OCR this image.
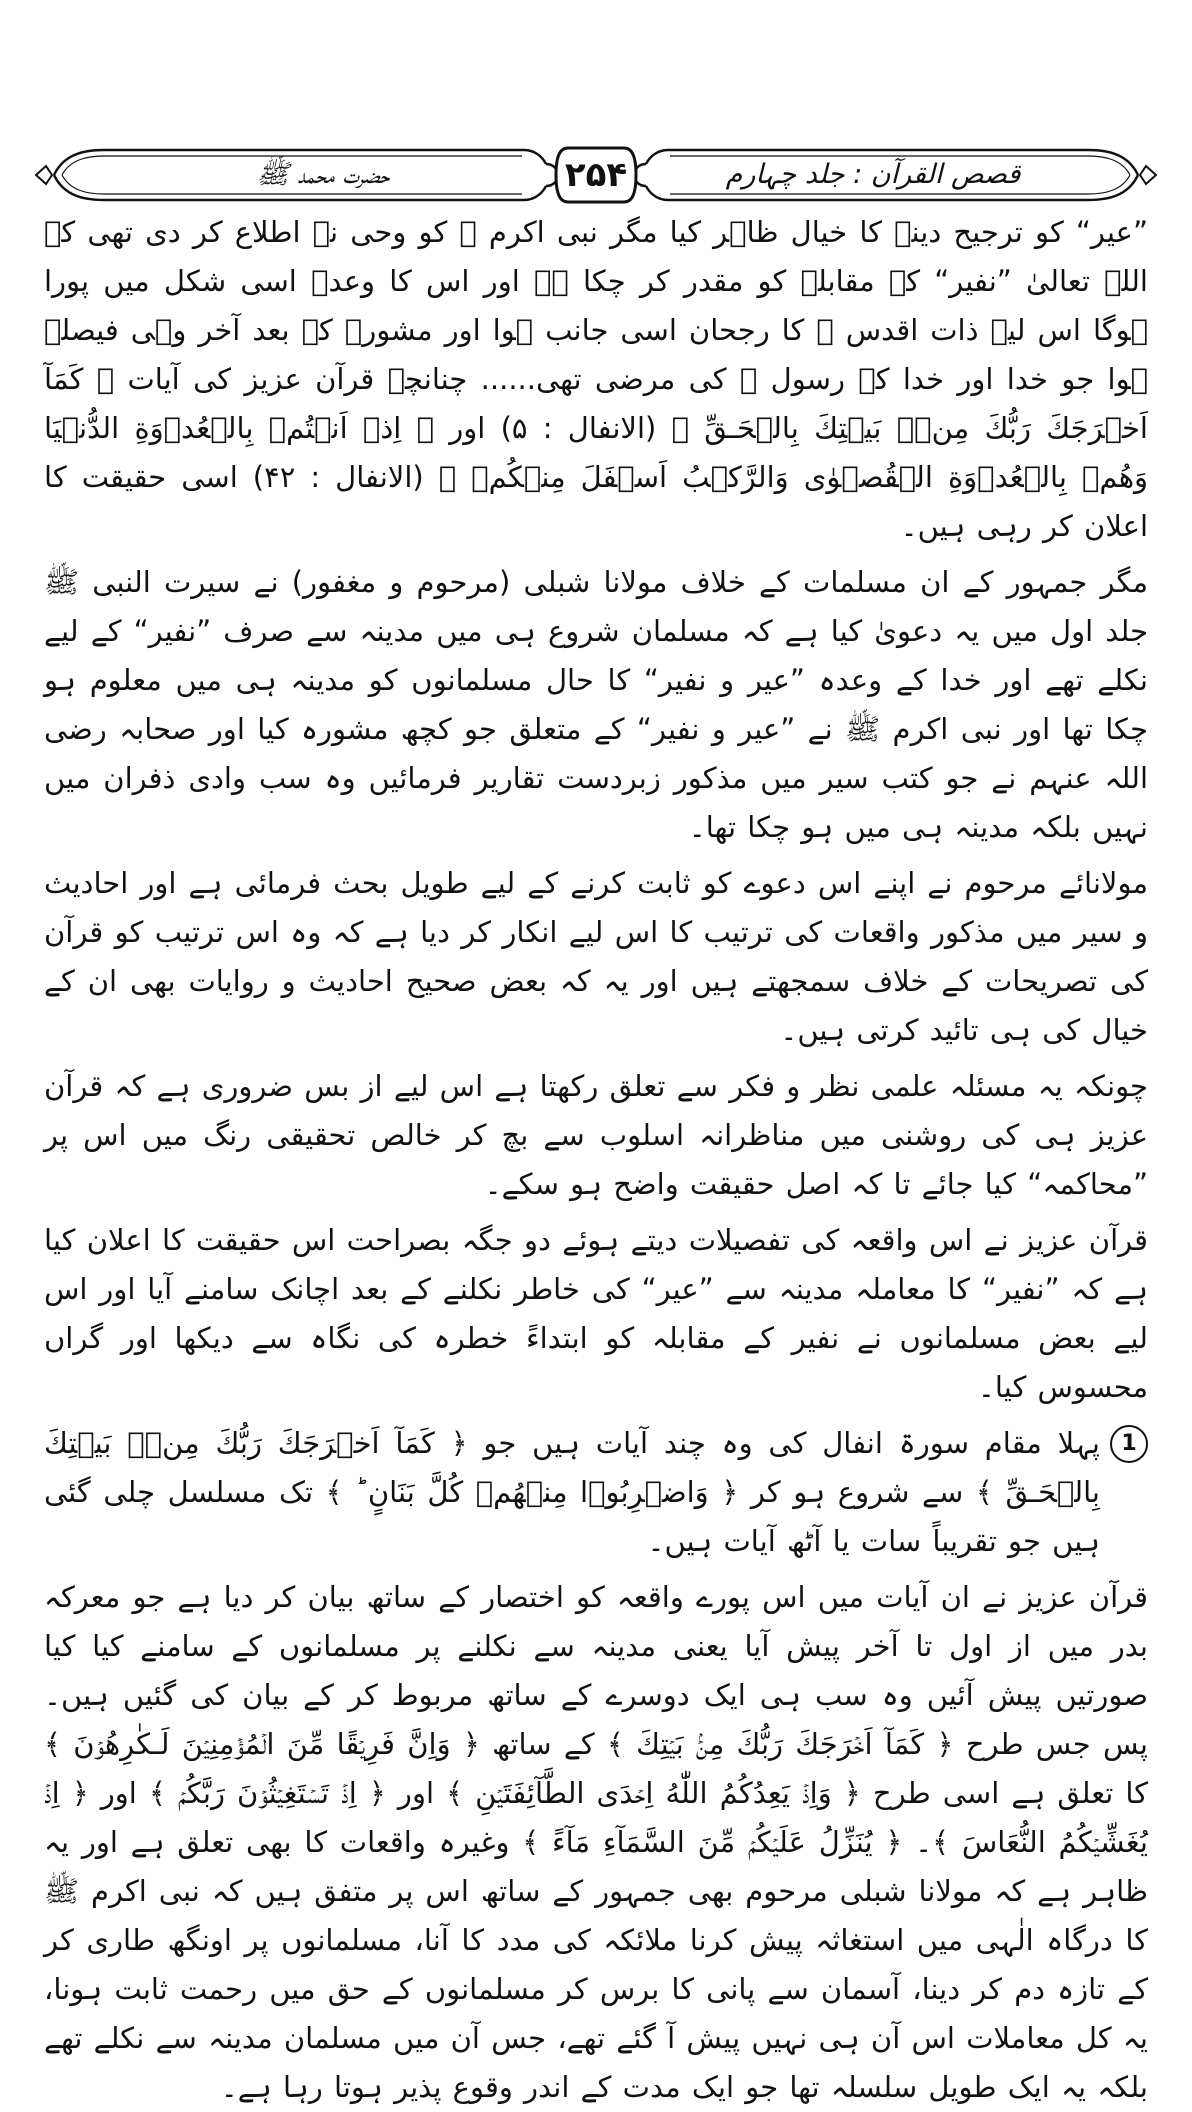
قصص القرآن : جلد چہارم
۲۵۴
حضرت محمد ﷺ

”عیر“ کو ترجیح دینے کا خیال ظاہر کیا مگر نبی اکرم ﷺ کو وحی نے اطلاع کر دی تھی کہ اللہ تعالیٰ ”نفیر“ کے مقابلہ کو مقدر کر چکا ہے اور اس کا وعدہ اسی شکل میں پورا ہوگا اس لیے ذات اقدس ﷺ کا رجحان اسی جانب ہوا اور مشورہ کے بعد آخر وہی فیصلہ ہوا جو خدا اور خدا کے رسول ﷺ کی مرضی تھی...... چنانچہ قرآن عزیز کی آیات ﴿ كَمَآ اَخۡرَجَكَ رَبُّكَ مِنۡۢ بَيۡتِكَ بِالۡحَـقِّ ﴾ (الانفال : ۵) اور ﴿ اِذۡ اَنۡتُمۡ بِالۡعُدۡوَةِ الدُّنۡيَا وَهُمۡ بِالۡعُدۡوَةِ الۡقُصۡوٰى وَالرَّكۡبُ اَسۡفَلَ مِنۡكُمۡ ﴾ (الانفال : ۴۲) اسی حقیقت کا اعلان کر رہی ہیں۔

مگر جمہور کے ان مسلمات کے خلاف مولانا شبلی (مرحوم و مغفور) نے سیرت النبی ﷺ جلد اول میں یہ دعویٰ کیا ہے کہ مسلمان شروع ہی میں مدینہ سے صرف ”نفیر“ کے لیے نکلے تھے اور خدا کے وعدہ ”عیر و نفیر“ کا حال مسلمانوں کو مدینہ ہی میں معلوم ہو چکا تھا اور نبی اکرم ﷺ نے ”عیر و نفیر“ کے متعلق جو کچھ مشورہ کیا اور صحابہ رضی اللہ عنہم نے جو کتب سیر میں مذکور زبردست تقاریر فرمائیں وہ سب وادی ذفران میں نہیں بلکہ مدینہ ہی میں ہو چکا تھا۔

مولانائے مرحوم نے اپنے اس دعوے کو ثابت کرنے کے لیے طویل بحث فرمائی ہے اور احادیث و سیر میں مذکور واقعات کی ترتیب کا اس لیے انکار کر دیا ہے کہ وہ اس ترتیب کو قرآن کی تصریحات کے خلاف سمجھتے ہیں اور یہ کہ بعض صحیح احادیث و روایات بھی ان کے خیال کی ہی تائید کرتی ہیں۔

چونکہ یہ مسئلہ علمی نظر و فکر سے تعلق رکھتا ہے اس لیے از بس ضروری ہے کہ قرآن عزیز ہی کی روشنی میں مناظرانہ اسلوب سے بچ کر خالص تحقیقی رنگ میں اس پر ”محاکمہ“ کیا جائے تا کہ اصل حقیقت واضح ہو سکے۔

قرآن عزیز نے اس واقعہ کی تفصیلات دیتے ہوئے دو جگہ بصراحت اس حقیقت کا اعلان کیا ہے کہ ”نفیر“ کا معاملہ مدینہ سے ”عیر“ کی خاطر نکلنے کے بعد اچانک سامنے آیا اور اس لیے بعض مسلمانوں نے نفیر کے مقابلہ کو ابتداءً خطرہ کی نگاہ سے دیکھا اور گراں محسوس کیا۔

1

پہلا مقام سورۃ انفال کی وہ چند آیات ہیں جو ﴿ كَمَآ اَخۡرَجَكَ رَبُّكَ مِنۡۢ بَيۡتِكَ بِالۡحَـقِّ ﴾ سے شروع ہو کر ﴿ وَاضۡرِبُوۡا مِنۡهُمۡ كُلَّ بَنَانٍ ؕ ﴾ تک مسلسل چلی گئی ہیں جو تقریباً سات یا آٹھ آیات ہیں۔

قرآن عزیز نے ان آیات میں اس پورے واقعہ کو اختصار کے ساتھ بیان کر دیا ہے جو معرکہ بدر میں از اول تا آخر پیش آیا یعنی مدینہ سے نکلنے پر مسلمانوں کے سامنے کیا کیا صورتیں پیش آئیں وہ سب ہی ایک دوسرے کے ساتھ مربوط کر کے بیان کی گئیں ہیں۔ پس جس طرح ﴿ كَمَآ اَخۡرَجَكَ رَبُّكَ مِنۡۢ بَيۡتِكَ ﴾ کے ساتھ ﴿ وَاِنَّ فَرِيۡقًا مِّنَ الۡمُؤۡمِنِيۡنَ لَـكٰرِهُوۡنَ ﴾ کا تعلق ہے اسی طرح ﴿ وَاِذۡ يَعِدُكُمُ اللّٰهُ اِحۡدَى الطَّآئِفَتَيۡنِ ﴾ اور ﴿ اِذۡ تَسۡتَغِيۡثُوۡنَ رَبَّكُمۡ ﴾ اور ﴿ اِذۡ يُغَشِّيۡكُمُ النُّعَاسَ ﴾۔ ﴿ يُنَزِّلُ عَلَيۡكُمۡ مِّنَ السَّمَآءِ مَآءً ﴾ وغیرہ واقعات کا بھی تعلق ہے اور یہ ظاہر ہے کہ مولانا شبلی مرحوم بھی جمہور کے ساتھ اس پر متفق ہیں کہ نبی اکرم ﷺ کا درگاہ الٰہی میں استغاثہ پیش کرنا ملائکہ کی مدد کا آنا، مسلمانوں پر اونگھ طاری کر کے تازہ دم کر دینا، آسمان سے پانی کا برس کر مسلمانوں کے حق میں رحمت ثابت ہونا، یہ کل معاملات اس آن ہی نہیں پیش آ گئے تھے، جس آن میں مسلمان مدینہ سے نکلے تھے بلکہ یہ ایک طویل سلسلہ تھا جو ایک مدت کے اندر وقوع پذیر ہوتا رہا ہے۔
